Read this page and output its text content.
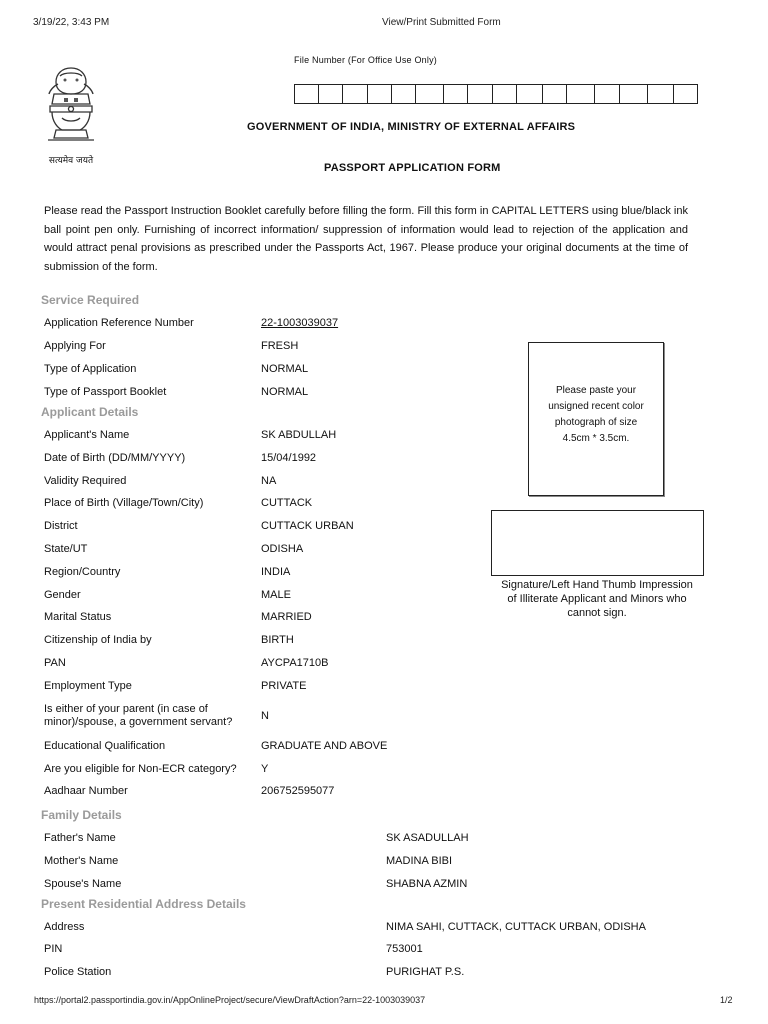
3/19/22, 3:43 PM	View/Print Submitted Form
सत्यमेव जयते
File Number (For Office Use Only)
GOVERNMENT OF INDIA, MINISTRY OF EXTERNAL AFFAIRS
PASSPORT APPLICATION FORM
Please read the Passport Instruction Booklet carefully before filling the form. Fill this form in CAPITAL LETTERS using blue/black ink ball point pen only. Furnishing of incorrect information/ suppression of information would lead to rejection of the application and would attract penal provisions as prescribed under the Passports Act, 1967. Please produce your original documents at the time of submission of the form.
Service Required
Application Reference Number	22-1003039037
Applying For	FRESH
Type of Application	NORMAL
Type of Passport Booklet	NORMAL
Applicant Details
Applicant's Name	SK ABDULLAH
Date of Birth (DD/MM/YYYY)	15/04/1992
Validity Required	NA
Place of Birth (Village/Town/City)	CUTTACK
District	CUTTACK URBAN
State/UT	ODISHA
Region/Country	INDIA
Gender	MALE
Marital Status	MARRIED
Citizenship of India by	BIRTH
PAN	AYCPA1710B
Employment Type	PRIVATE
Is either of your parent (in case of minor)/spouse, a government servant?	N
Educational Qualification	GRADUATE AND ABOVE
Are you eligible for Non-ECR category? Y
Aadhaar Number	206752595077
Family Details
Father's Name	SK ASADULLAH
Mother's Name	MADINA BIBI
Spouse's Name	SHABNA AZMIN
Present Residential Address Details
Address	NIMA SAHI, CUTTACK, CUTTACK URBAN, ODISHA
PIN	753001
Police Station	PURIGHAT P.S.
Please paste your
unsigned recent color
photograph of size
4.5cm * 3.5cm.
Signature/Left Hand Thumb Impression
of Illiterate Applicant and Minors who
cannot sign.
https://portal2.passportindia.gov.in/AppOnlineProject/secure/ViewDraftAction?arn=22-1003039037	1/2
